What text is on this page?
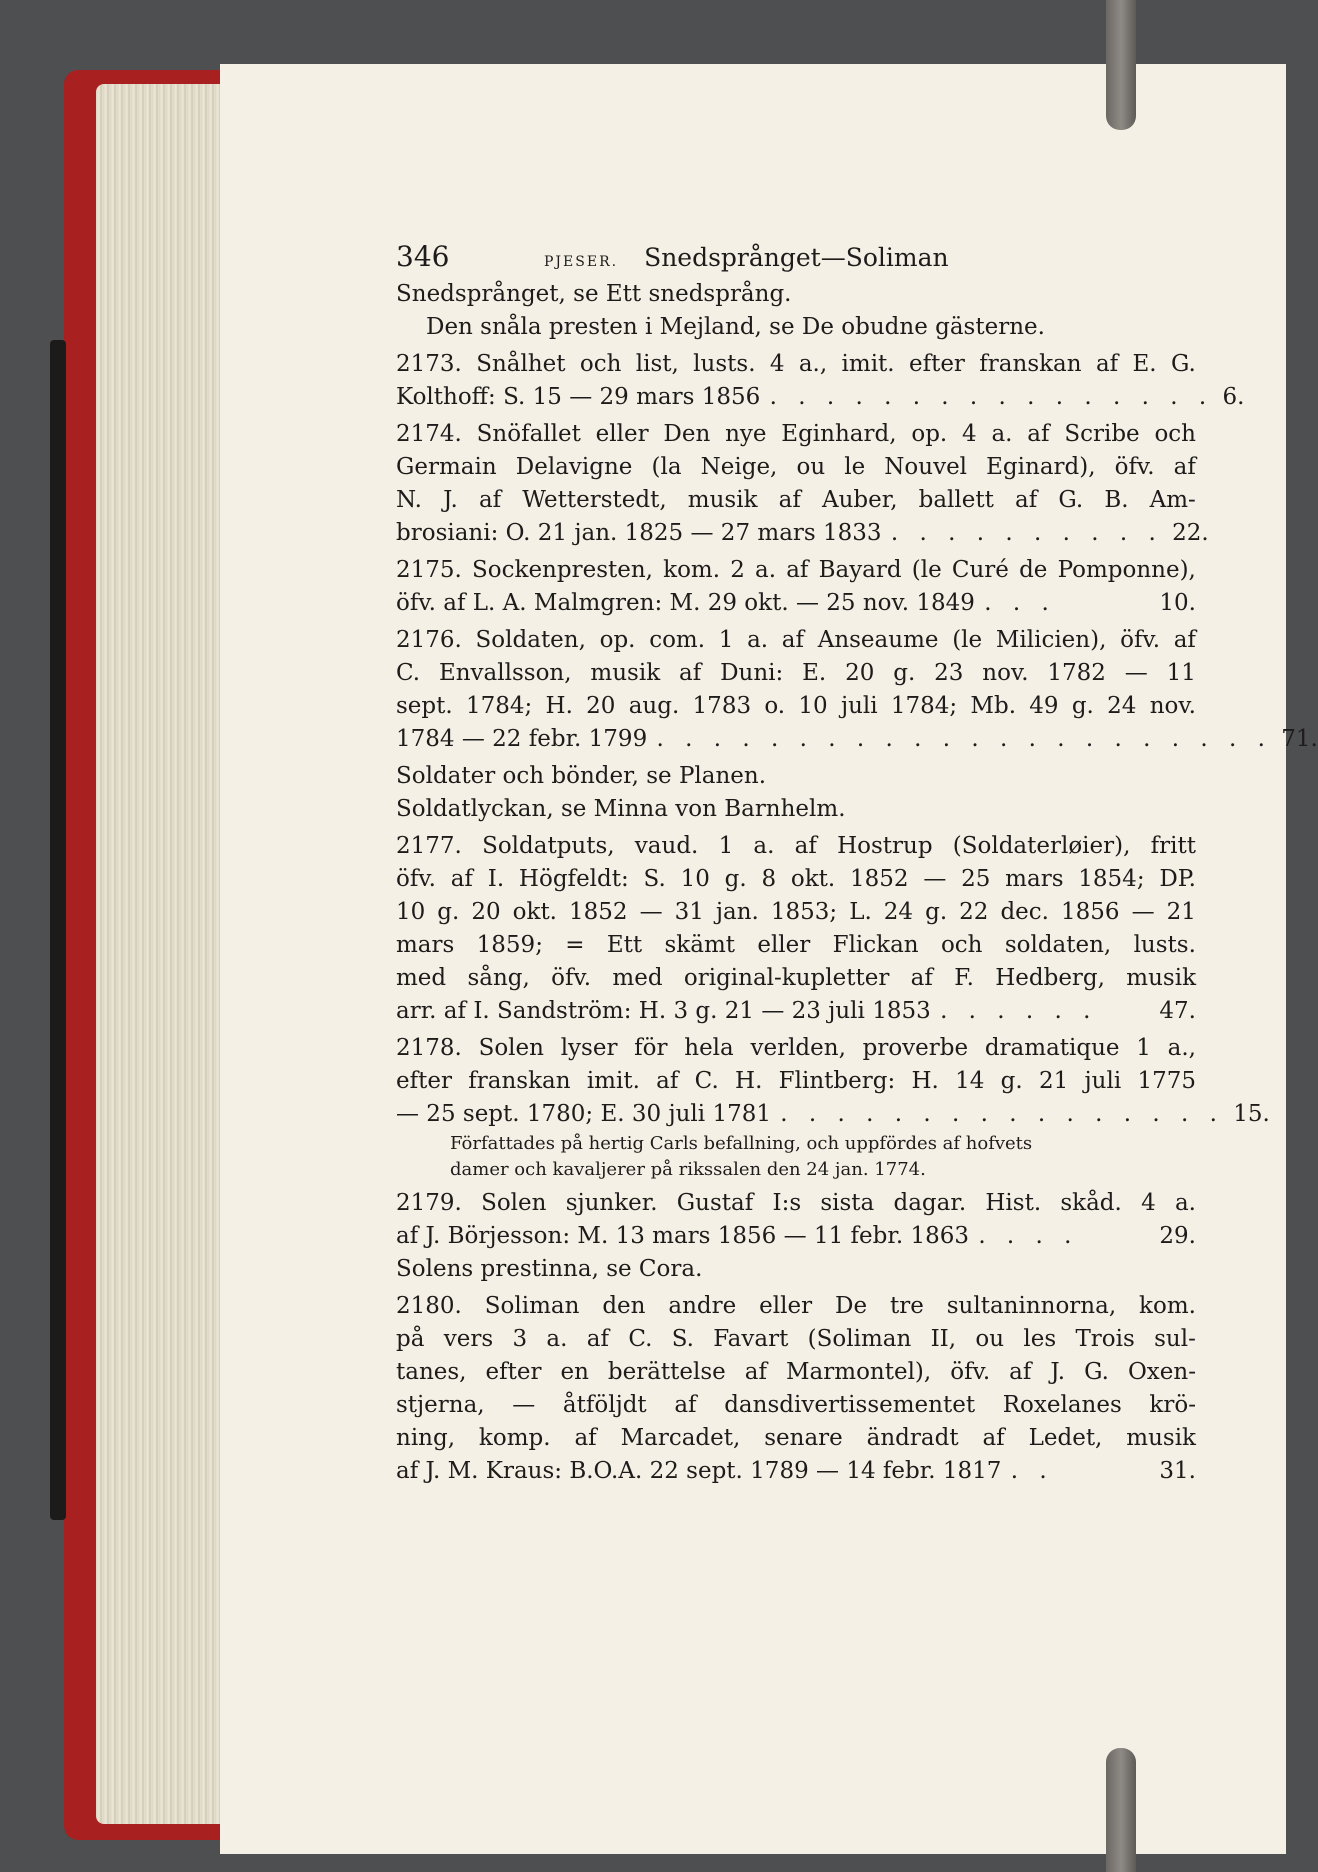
346	PJESER. Snedsprånget—Soliman
Snedsprånget, se Ett snedsprång.
Den snåla presten i Mejland, se De obudne gästerne.
2173. Snålhet och list, lusts. 4 a., imit. efter franskan af E. G.
Kolthoff: S. 15 — 29 mars 1856 . . . . . . . . . . . . . . . . 6.
2174. Snöfallet eller Den nye Eginhard, op. 4 a. af Scribe och
Germain Delavigne (la Neige, ou le Nouvel Eginard), öfv. af
N. J. af Wetterstedt, musik af Auber, ballett af G. B. Am-
brosiani: O. 21 jan. 1825 — 27 mars 1833 . . . . . . . . . . 22.
2175. Sockenpresten, kom. 2 a. af Bayard (le Curé de Pomponne),
öfv. af L. A. Malmgren: M. 29 okt. — 25 nov. 1849 . . .	10.
2176. Soldaten, op. com. 1 a. af Anseaume (le Milicien), öfv. af
C. Envallsson, musik af Duni: E. 20 g. 23 nov. 1782 — 11
sept. 1784; H. 20 aug. 1783 o. 10 juli 1784; Mb. 49 g. 24 nov.
1784 — 22 febr. 1799 . . . . . . . . . . . . . . . . . . . . . . 71.
Soldater och bönder, se Planen.
Soldatlyckan, se Minna von Barnhelm.
2177. Soldatputs, vaud. 1 a. af Hostrup (Soldaterløier), fritt
öfv. af I. Högfeldt: S. 10 g. 8 okt. 1852 — 25 mars 1854; DP.
10 g. 20 okt. 1852 — 31 jan. 1853; L. 24 g. 22 dec. 1856 — 21
mars 1859; = Ett skämt eller Flickan och soldaten, lusts.
med sång, öfv. med original-kupletter af F. Hedberg, musik
arr. af I. Sandström: H. 3 g. 21 — 23 juli 1853 . . . . . .	47.
2178. Solen lyser för hela verlden, proverbe dramatique 1 a.,
efter franskan imit. af C. H. Flintberg: H. 14 g. 21 juli 1775
— 25 sept. 1780; E. 30 juli 1781 . . . . . . . . . . . . . . . . 15.
Författades på hertig Carls befallning, och uppfördes af hofvets
damer och kavaljerer på rikssalen den 24 jan. 1774.
2179. Solen sjunker. Gustaf I:s sista dagar. Hist. skåd. 4 a.
af J. Börjesson: M. 13 mars 1856 — 11 febr. 1863 . . . .	29.
Solens prestinna, se Cora.
2180. Soliman den andre eller De tre sultaninnorna, kom.
på vers 3 a. af C. S. Favart (Soliman II, ou les Trois sul-
tanes, efter en berättelse af Marmontel), öfv. af J. G. Oxen-
stjerna, — åtföljdt af dansdivertissementet Roxelanes krö-
ning, komp. af Marcadet, senare ändradt af Ledet, musik
af J. M. Kraus: B.O.A. 22 sept. 1789 — 14 febr. 1817 . .	31.
